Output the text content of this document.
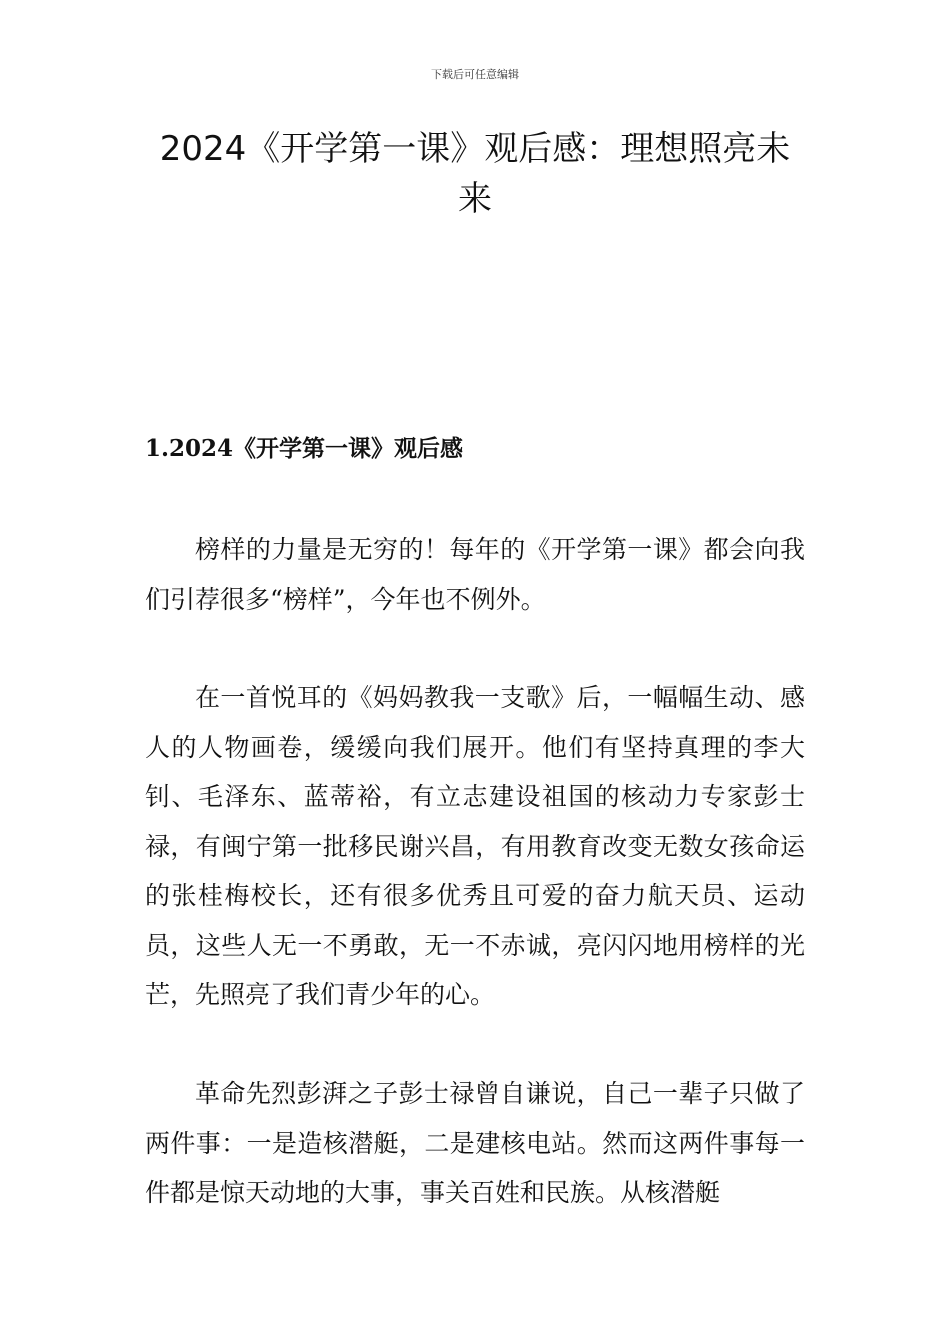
下载后可任意编辑
2024《开学第一课》观后感：理想照亮未来
1.2024《开学第一课》观后感

榜样的力量是无穷的！每年的《开学第一课》都会向我们引荐很多“榜样”，今年也不例外。

在一首悦耳的《妈妈教我一支歌》后，一幅幅生动、感人的人物画卷，缓缓向我们展开。他们有坚持真理的李大钊、毛泽东、蓝蒂裕，有立志建设祖国的核动力专家彭士禄，有闽宁第一批移民谢兴昌，有用教育改变无数女孩命运的张桂梅校长，还有很多优秀且可爱的奋力航天员、运动员，这些人无一不勇敢，无一不赤诚，亮闪闪地用榜样的光芒，先照亮了我们青少年的心。

革命先烈彭湃之子彭士禄曾自谦说，自己一辈子只做了两件事：一是造核潜艇，二是建核电站。然而这两件事每一件都是惊天动地的大事，事关百姓和民族。从核潜艇
